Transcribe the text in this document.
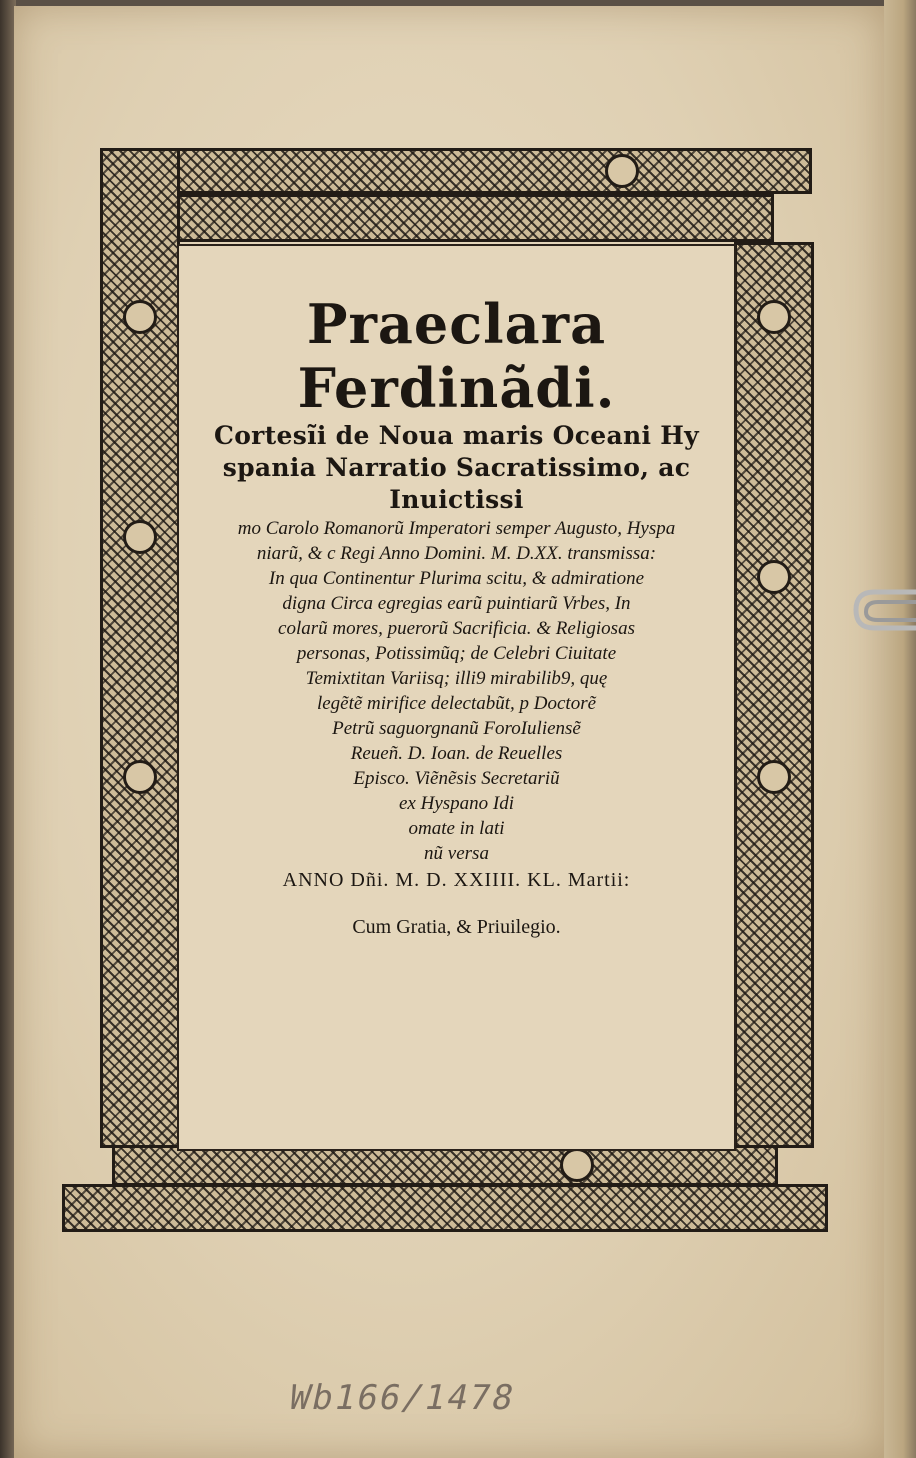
Praeclara Ferdinãdi.
Cortesĩi de Noua maris Oceani Hy
spania Narratio Sacratissimo, ac Inuictissi
mo Carolo Romanorũ Imperatori semper Augusto, Hyspa
niarũ, & c Regi Anno Domini. M. D.XX. transmissa:
In qua Continentur Plurima scitu, & admiratione
digna Circa egregias earũ puintiarũ Vrbes, In
colarũ mores, puerorũ Sacrificia. & Religiosas
personas, Potissimũq; de Celebri Ciuitate
Temixtitan Variisq; illi9 mirabilib9, quę
legẽtẽ mirifice delectabũt, p Doctorẽ
Petrũ saguorgnanũ ForoIuliensẽ
Reueñ. D. Ioan. de Reuelles
Episco. Viẽnẽsis Secretariũ
ex Hyspano Idi
omate in lati
nũ versa
ANNO Dñi. M. D. XXIIII. KL. Martii:
Cum Gratia, & Priuilegio.
Wb166/1478
